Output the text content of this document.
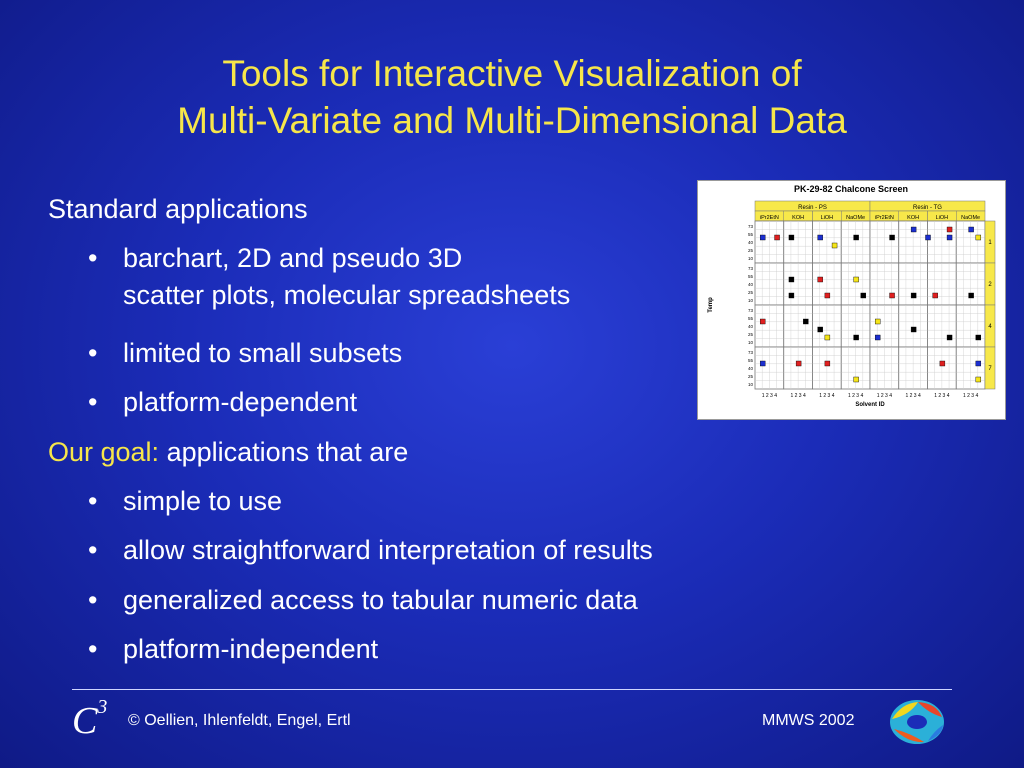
Tools for Interactive Visualization of
Multi-Variate and Multi-Dimensional Data
Standard applications
• barchart, 2D and pseudo 3D
scatter plots, molecular spreadsheets
• limited to small subsets
• platform-dependent
Our goal: applications that are
• simple to use
• allow straightforward interpretation of results
• generalized access to tabular numeric data
• platform-independent
PK-29-82 Chalcone Screen
Resin - PS	Resin - TG
iPr2EtN KOH	LiOH NaOMe iPr2EtN KOH	LiOH NaOMe
1
73
55
40
25
10
2
73
55
40
25
10
4
73
55
40
25
10
7
73
55
40
25
10
1 2 3 4	1 2 3 4	1 2 3 4	1 2 3 4	1 2 3 4	1 2 3 4	1 2 3 4	1 2 3 4
Solvent ID
Temp
$C^3$
© Oellien, Ihlenfeldt, Engel, Ertl	MMWS 2002
